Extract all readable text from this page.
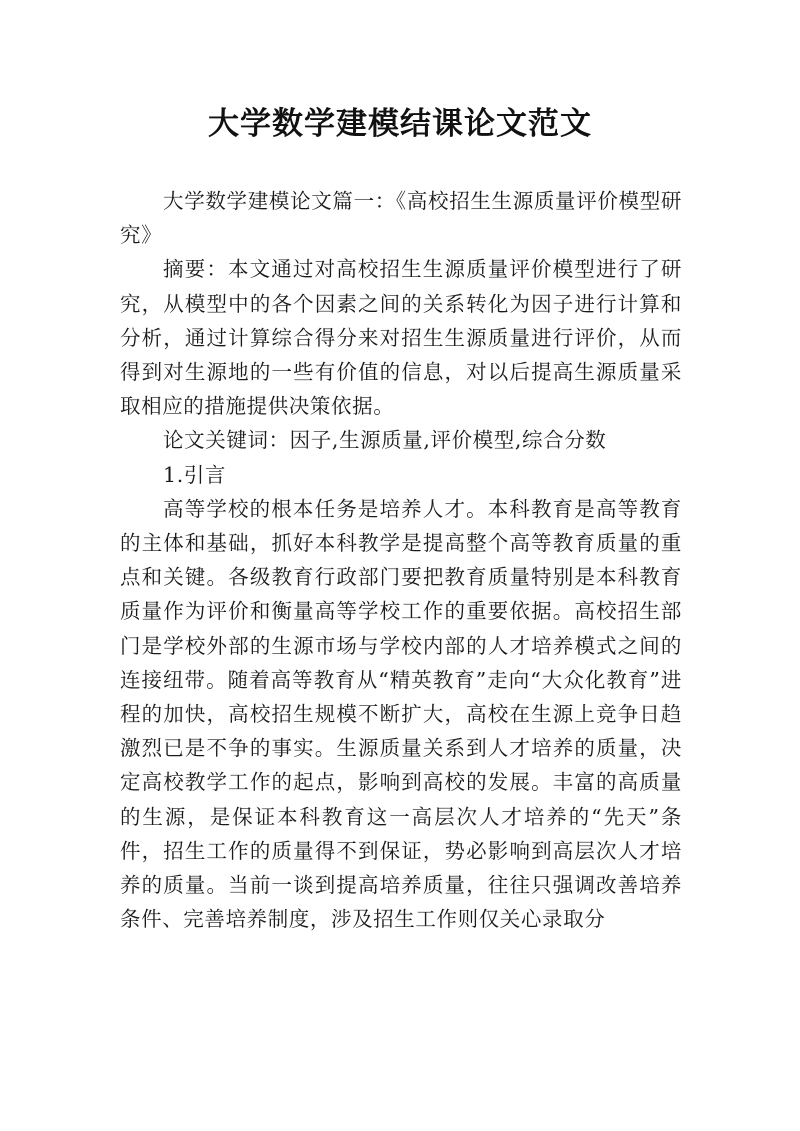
大学数学建模结课论文范文

大学数学建模论文篇一：《高校招生生源质量评价模型研究》

摘要：本文通过对高校招生生源质量评价模型进行了研究，从模型中的各个因素之间的关系转化为因子进行计算和分析，通过计算综合得分来对招生生源质量进行评价，从而得到对生源地的一些有价值的信息，对以后提高生源质量采取相应的措施提供决策依据。

论文关键词：因子,生源质量,评价模型,综合分数

1.引言

高等学校的根本任务是培养人才。本科教育是高等教育的主体和基础，抓好本科教学是提高整个高等教育质量的重点和关键。各级教育行政部门要把教育质量特别是本科教育质量作为评价和衡量高等学校工作的重要依据。高校招生部门是学校外部的生源市场与学校内部的人才培养模式之间的连接纽带。随着高等教育从“精英教育”走向“大众化教育”进程的加快，高校招生规模不断扩大，高校在生源上竞争日趋激烈已是不争的事实。生源质量关系到人才培养的质量，决定高校教学工作的起点，影响到高校的发展。丰富的高质量的生源，是保证本科教育这一高层次人才培养的“先天”条件，招生工作的质量得不到保证，势必影响到高层次人才培养的质量。当前一谈到提高培养质量，往往只强调改善培养条件、完善培养制度，涉及招生工作则仅关心录取分
